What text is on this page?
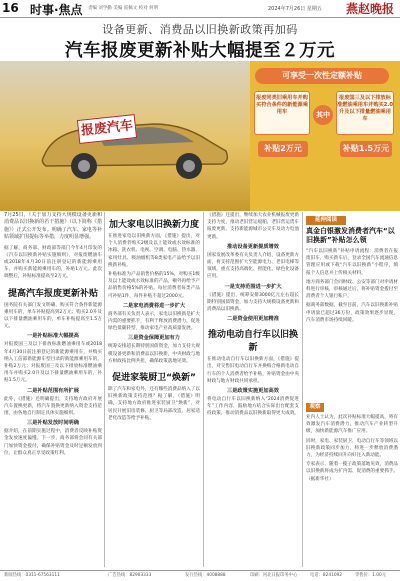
16 时事·焦点 责编 刘学勤 美编 雷佩文 校对 何明	2024年7月26日 星期五 燕赵晚报
设备更新、消费品以旧换新政策再加码
汽车报废更新补贴大幅提至２万元
报废汽车
可享受一次性定额补贴
报废同类旧乘用车并购买符合条件的新能源乘用车	其中
报废国三及以下排放标准燃油乘用车并购买2.0升及以下排量燃油乘用车
补贴2万元	补贴1.5万元
7月25日，《关于加力支持大规模设备更新和消费品以旧换新的若干措施》（以下简称《措施》）正式公开发布。明确了汽车、家电等补贴领域扩围提标等举措，力度明显增强。
据了解，商务部、财政部等部门今年4月印发的《汽车以旧换新补贴实施细则》，对报废燃油车或2018年4月30日前注册登记的新能源乘用车，并购买新能源乘用车的，补贴1万元。此次调整后，补贴标准提高至2万元。
提高汽车报废更新补贴
国务院有关部门发文明确，购买符合条件新能源乘用车的，单车补贴提高到2万元；购买2.0升及以下排量燃油乘用车的，单车补贴提高至1.5万元。
一是补贴标准大幅提高
对报废国三及以下排放标准燃油乘用车或2018年4月30日前注册登记的新能源乘用车，并购买纳入工信部新能源车型目录的新能源乘用车的，补贴2万元；对报废国三及以下排放标准燃油乘用车并购买2.0升及以下排量燃油乘用车的，补贴1.5万元。
二是补贴范围有所扩展
此外，《措施》还明确提出，支持地方政府开展汽车置换更新，将汽车置换更新纳入资金支持范围，由各地自行制定具体实施细则。
三是补贴发放时间明确
据介绍，在前期实施过程中，消费者反映补贴资金发放速度偏慢。下一步，商务部将会同有关部门加快资金拨付，确保补贴资金及时足额发放到位，让群众真正享受政策红利。
加大家电以旧换新力度
在推进家电以旧换新方面，《措施》提出，对个人消费者购买2级及以上能效或水效标准的冰箱、洗衣机、电视、空调、电脑、热水器、家用灶具、吸油烟机等8类家电产品给予以旧换新补贴。
补贴标准为产品销售价格的15%，对购买1级及以上能效或水效标准的产品，额外再给予产品销售价格5%的补贴。每位消费者每类产品可补贴1件，每件补贴不超过2000元。
二是家电消费将进一步扩大
商务部有关负责人表示，家电以旧换新是扩大内需的重要抓手，有利于释放消费潜力，促进绿色低碳转型，推动家电产业高质量发展。
三是资金保障更加有力
统筹安排超长期特别国债资金，加力支持大规模设备更新和消费品以旧换新，中央财政与地方财政按比例共担，确保政策落地见效。
促进家装厨卫“焕新”
除了汽车和家电外，还有哪些消费品纳入了以旧换新政策支持范围？据了解，《措施》明确，支持地方政府推进家装厨卫“焕新”，对居民开展旧房装修、厨卫等局部改造、居家适老化改造等给予补贴。
《措施》还提出，继续加大农业机械报废更新支持力度，推动老旧营运船舶、老旧营运货车报废更新，支持新能源城市公交车及动力电池更新。
推动设备更新提质增效
国家发展改革委有关负责人介绍，设备更新方面，将支持范围扩大至能源电力、老旧电梯等领域，重点支持高端化、智能化、绿色化设备应用。
一是支持范围进一步扩大
《措施》提出，统筹安排3000亿元左右超长期特别国债资金，加力支持大规模设备更新和消费品以旧换新。
二是资金使用更加精准
推动电动自行车以旧换新
在推动电动自行车以旧换新方面，《措施》提出，对交售旧电动自行车并换购合格新电动自行车的个人消费者给予补贴，补贴资金由中央财政与地方财政共同承担。
三是政策实施更加高效
将电动自行车以旧换新纳入“2024消费促进年”工作内容，鼓励地方结合实际出台配套支持政策，推动消费品以旧换新取得更大成效。
延伸阅读
真金白银激发消费者汽车“以旧换新”补贴怎么领
“汽车以旧换新”补贴申请流程：消费者在报废旧车、购买新车后，登录全国汽车流通信息管理应用或下载“汽车以旧换新”小程序，填报个人信息并上传相关材料。
地方商务部门会同财政、公安等部门对申请材料进行审核，审核通过后，将补贴资金拨付至消费者个人银行账户。
据商务部数据，截至目前，汽车以旧换新补贴申请量已超过36万份，政策效果逐步显现，汽车消费市场持续回暖。
观察
业内人士认为，此次补贴标准大幅提高，将有效激发汽车消费潜力，推动汽车产业转型升级，加快新能源汽车推广应用。
同时，家电、家装厨卫、电动自行车等领域以旧换新政策同步加力，将进一步释放消费潜力，为经济持续回升向好注入新动能。
专家表示，随着一揽子政策落地见效，消费品以旧换新将成为扩内需、促消费的重要抓手。（据新华社）
新闻热线：0311-67563111	广告热线：82903333	发行热线：4008888	印刷：河北日报印务中心	电话：8241092	零售价：1.00元
